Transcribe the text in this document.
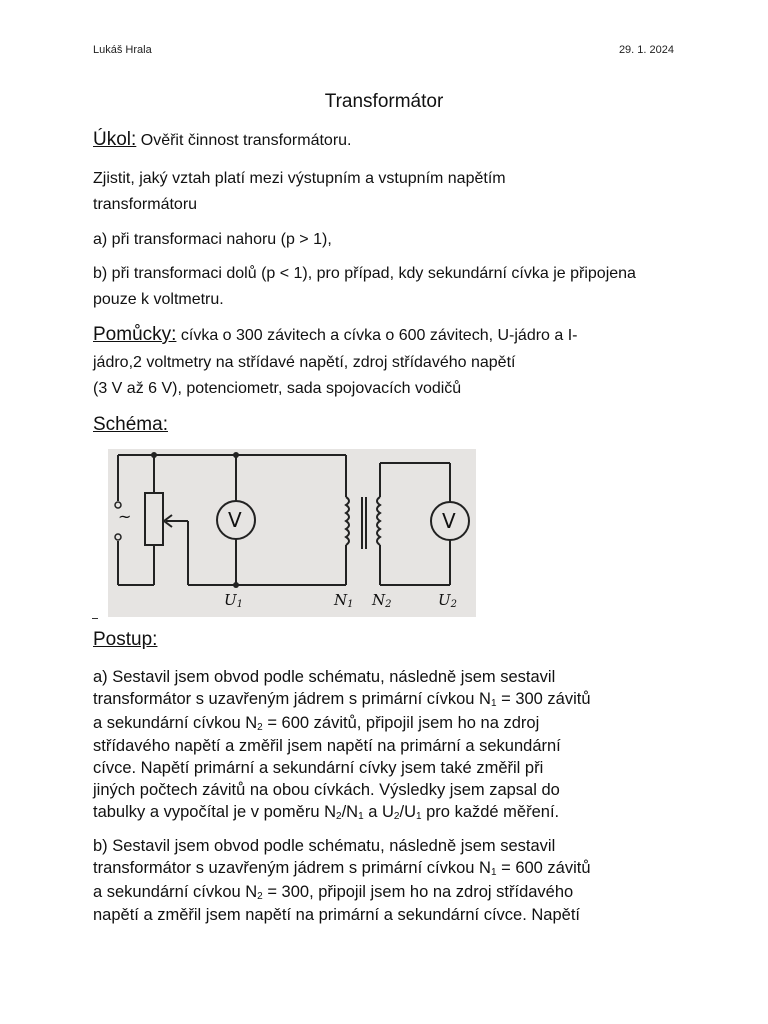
Lukáš Hrala	29. 1. 2024
Transformátor
Úkol: Ověřit činnost transformátoru.
Zjistit, jaký vztah platí mezi výstupním a vstupním napětím transformátoru
a) při transformaci nahoru (p > 1),
b) při transformaci dolů (p < 1), pro případ, kdy sekundární cívka je připojena pouze k voltmetru.
Pomůcky: cívka o 300 závitech a cívka o 600 závitech, U-jádro a I-
jádro,2 voltmetry na střídavé napětí, zdroj střídavého napětí
(3 V až 6 V), potenciometr, sada spojovacích vodičů
Schéma:
~	V	V
$U_1$	$N_1$ $N_2$	$U_2$
Postup:
a) Sestavil jsem obvod podle schématu, následně jsem sestavil
transformátor s uzavřeným jádrem s primární cívkou $N_1 = 300$ závitů
a sekundární cívkou $N_2 = 600$ závitů, připojil jsem ho na zdroj
střídavého napětí a změřil jsem napětí na primární a sekundární
cívce. Napětí primární a sekundární cívky jsem také změřil při
jiných počtech závitů na obou cívkách. Výsledky jsem zapsal do
tabulky a vypočítal je v poměru $N_2/N_1$ a $U_2/U_1$ pro každé měření.
b) Sestavil jsem obvod podle schématu, následně jsem sestavil
transformátor s uzavřeným jádrem s primární cívkou $N_1 = 600$ závitů
a sekundární cívkou $N_2 = 300$, připojil jsem ho na zdroj střídavého
napětí a změřil jsem napětí na primární a sekundární cívce. Napětí
